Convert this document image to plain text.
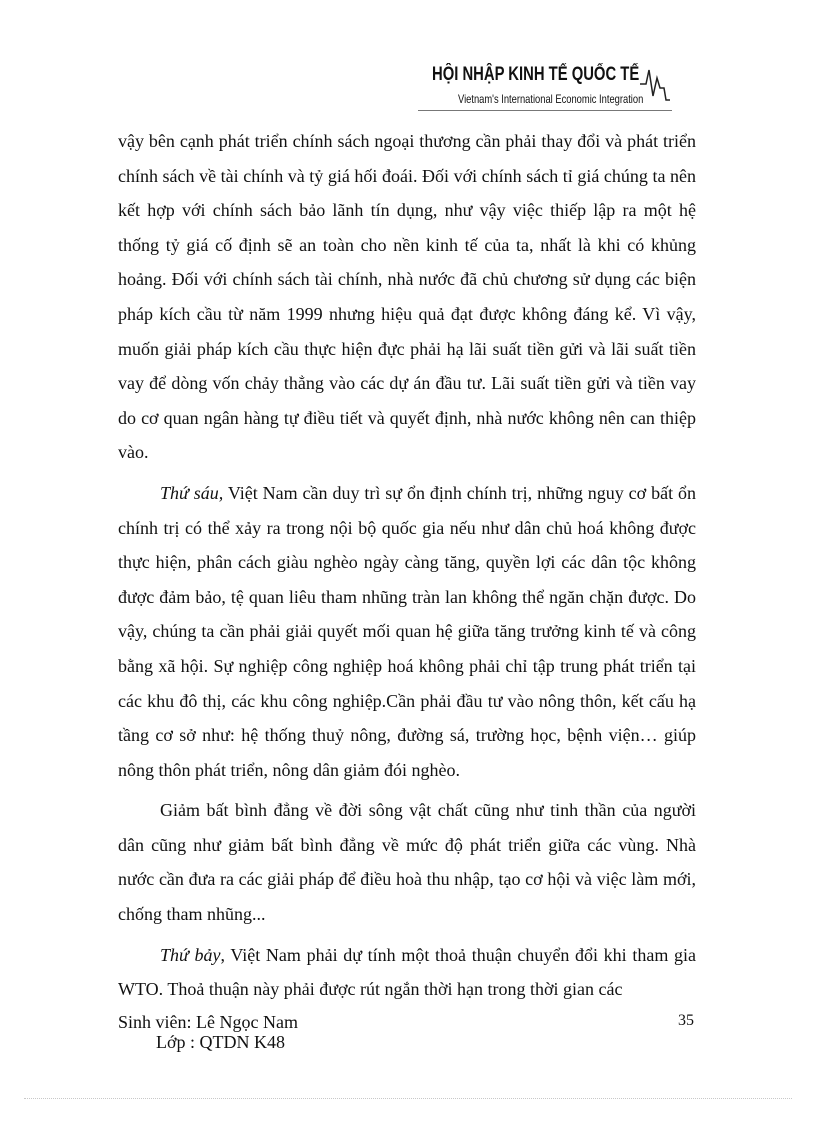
HỘI NHẬP KINH TẾ QUỐC TẾ
Vietnam's International Economic Integration

vậy bên cạnh phát triển chính sách ngoại thương cần phải thay đổi và phát triển chính sách về tài chính và tỷ giá hối đoái. Đối với chính sách tỉ giá chúng ta nên kết hợp với chính sách bảo lãnh tín dụng, như vậy việc thiếp lập ra một hệ thống tỷ giá cố định sẽ an toàn cho nền kinh tế của ta, nhất là khi có khủng hoảng. Đối với chính sách tài chính, nhà nước đã chủ chương sử dụng các biện pháp kích cầu từ năm 1999 nhưng hiệu quả đạt được không đáng kể. Vì vậy, muốn giải pháp kích cầu thực hiện đực phải hạ lãi suất tiền gửi và lãi suất tiền vay để dòng vốn chảy thẳng vào các dự án đầu tư. Lãi suất tiền gửi và tiền vay do cơ quan ngân hàng tự điều tiết và quyết định, nhà nước không nên can thiệp vào.

Thứ sáu, Việt Nam cần duy trì sự ổn định chính trị, những nguy cơ bất ổn chính trị có thể xảy ra trong nội bộ quốc gia nếu như dân chủ hoá không được thực hiện, phân cách giàu nghèo ngày càng tăng, quyền lợi các dân tộc không được đảm bảo, tệ quan liêu tham nhũng tràn lan không thể ngăn chặn được. Do vậy, chúng ta cần phải giải quyết mối quan hệ giữa tăng trưởng kinh tế và công bằng xã hội. Sự nghiệp công nghiệp hoá không phải chỉ tập trung phát triển tại các khu đô thị, các khu công nghiệp.Cần phải đầu tư vào nông thôn, kết cấu hạ tầng cơ sở như: hệ thống thuỷ nông, đường sá, trường học, bệnh viện… giúp nông thôn phát triển, nông dân giảm đói nghèo.

Giảm bất bình đẳng về đời sông vật chất cũng như tinh thần của người dân cũng như giảm bất bình đẳng về mức độ phát triển giữa các vùng. Nhà nước cần đưa ra các giải pháp để điều hoà thu nhập, tạo cơ hội và việc làm mới, chống tham nhũng...

Thứ bảy, Việt Nam phải dự tính một thoả thuận chuyển đổi khi tham gia WTO. Thoả thuận này phải được rút ngắn thời hạn trong thời gian các

Sinh viên: Lê Ngọc Nam
Lớp : QTDN K48
35
